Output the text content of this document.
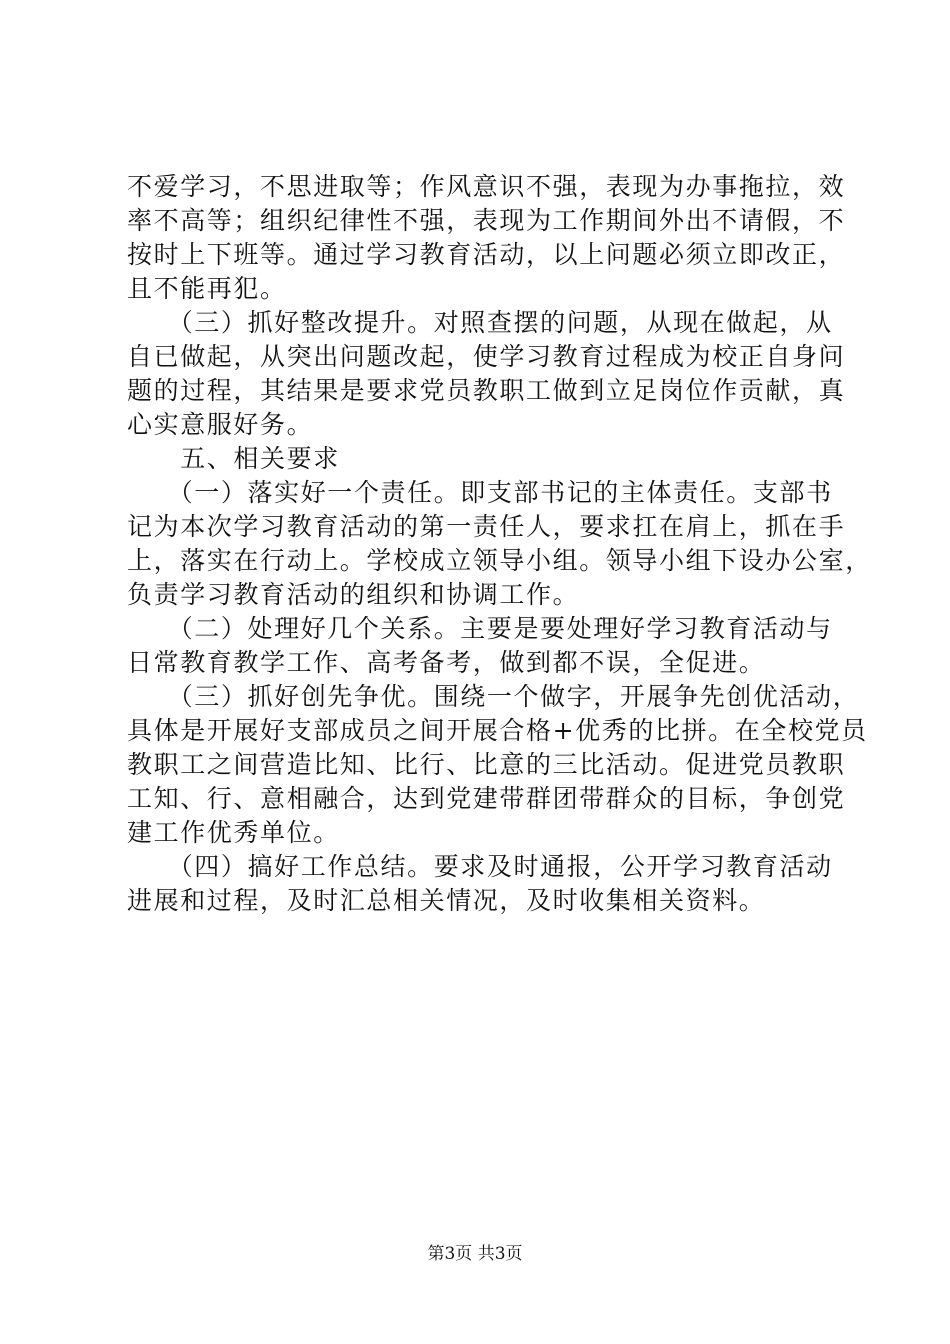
不爱学习，不思进取等；作风意识不强，表现为办事拖拉，效
率不高等；组织纪律性不强，表现为工作期间外出不请假，不
按时上下班等。通过学习教育活动，以上问题必须立即改正，
且不能再犯。
　　（三）抓好整改提升。对照查摆的问题，从现在做起，从
自已做起，从突出问题改起，使学习教育过程成为校正自身问
题的过程，其结果是要求党员教职工做到立足岗位作贡献，真
心实意服好务。
　　五、相关要求
　　（一）落实好一个责任。即支部书记的主体责任。支部书
记为本次学习教育活动的第一责任人，要求扛在肩上，抓在手
上，落实在行动上。学校成立领导小组。领导小组下设办公室，
负责学习教育活动的组织和协调工作。
　　（二）处理好几个关系。主要是要处理好学习教育活动与
日常教育教学工作、高考备考，做到都不误，全促进。
　　（三）抓好创先争优。围绕一个做字，开展争先创优活动，
具体是开展好支部成员之间开展合格+优秀的比拼。在全校党员
教职工之间营造比知、比行、比意的三比活动。促进党员教职
工知、行、意相融合，达到党建带群团带群众的目标，争创党
建工作优秀单位。
　　（四）搞好工作总结。要求及时通报，公开学习教育活动
进展和过程，及时汇总相关情况，及时收集相关资料。
第3页 共3页
